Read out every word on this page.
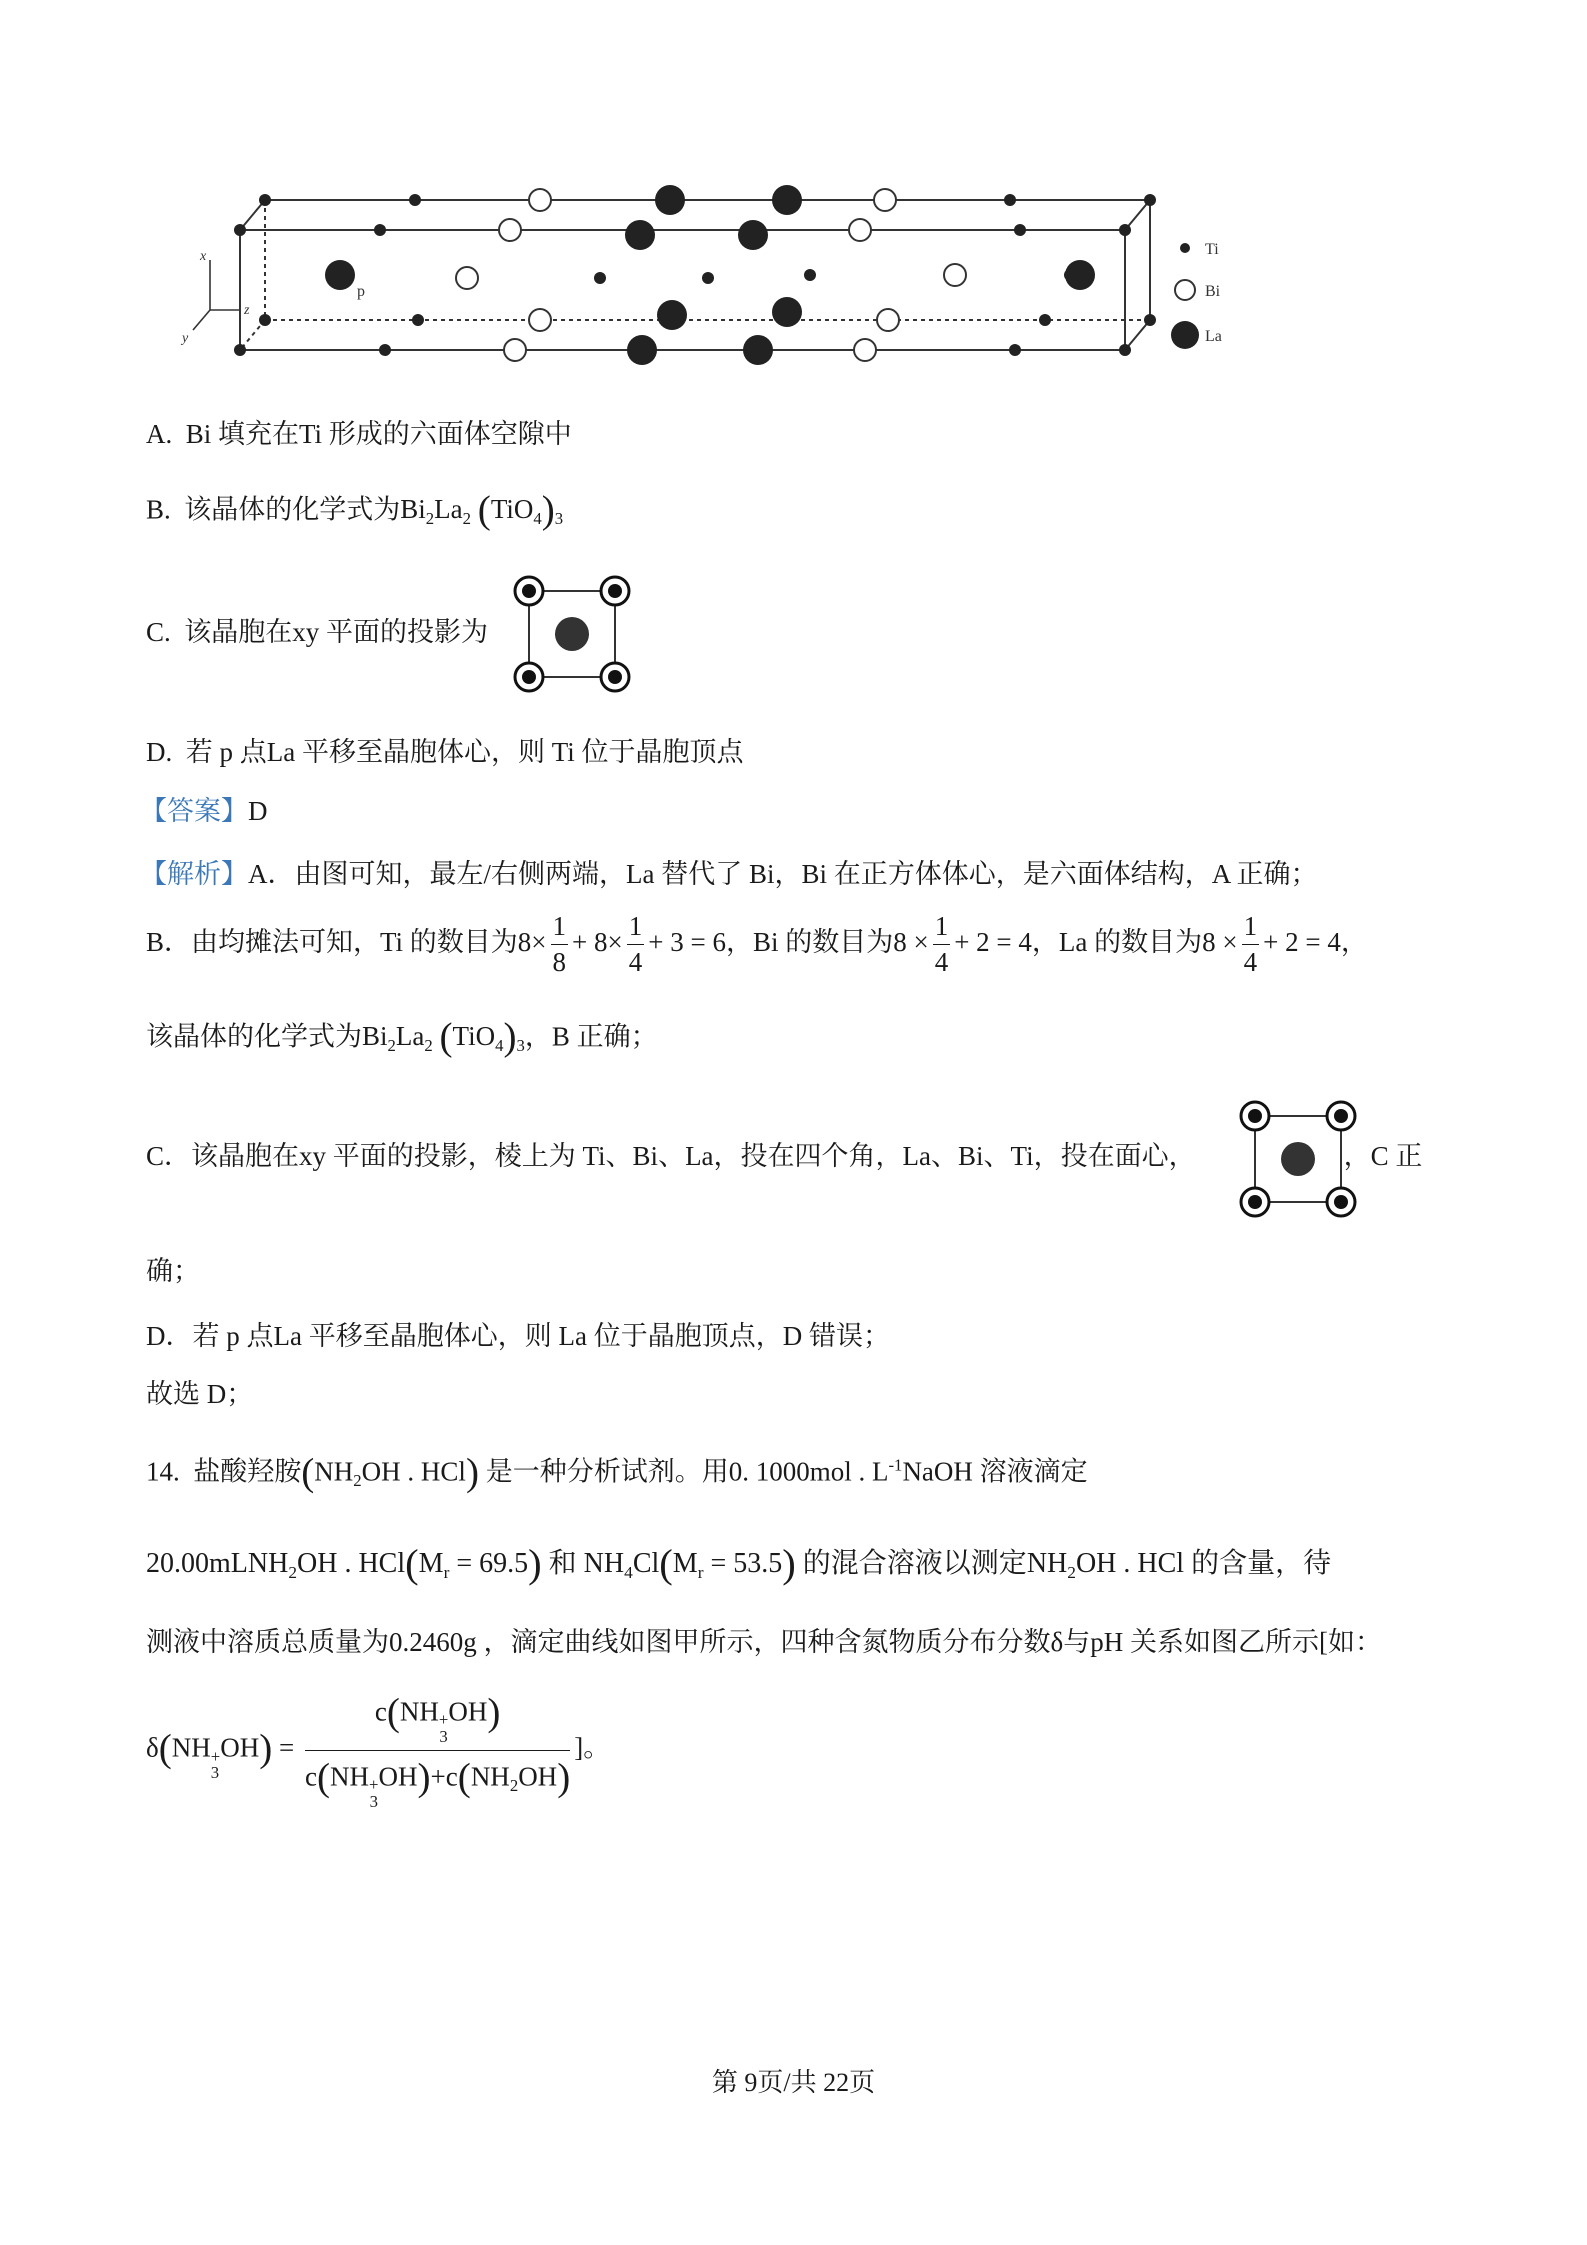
x
z
y
p
Ti
Bi
La
A. Bi 填充在Ti 形成的六面体空隙中
B. 该晶体的化学式为$Bi_2La_2$ $(TiO_4)_3$
C. 该晶胞在xy 平面的投影为
D. 若 p 点La 平移至晶胞体心，则 Ti 位于晶胞顶点
【答案】D
【解析】A．由图可知，最左/右侧两端，La 替代了 Bi，Bi 在正方体体心，是六面体结构，A 正确；
B．由均摊法可知，Ti 的数目为$8\times \frac{1}{8} + 8\times \frac{1}{4} + 3 = 6$，Bi 的数目为$8 \times \frac{1}{4} + 2 = 4$，La 的数目为$8 \times \frac{1}{4} + 2 = 4$，
该晶体的化学式为$Bi_2La_2$ $(TiO_4)_3$，B 正确；
C．该晶胞在xy 平面的投影，棱上为 Ti、Bi、La，投在四个角，La、Bi、Ti，投在面心，	，C 正
确；
D．若 p 点La 平移至晶胞体心，则 La 位于晶胞顶点，D 错误；
故选 D；
14. 盐酸羟胺($NH_2OH$ . HCl) 是一种分析试剂。用0. 1000mol . $L^{-1}NaOH$ 溶液滴定
20.00mLNH$_2$OH . $HCl(M_r = 69.5)$ 和 $NH_4Cl(M_r = 53.5)$ 的混合溶液以测定$NH_2OH$ . HCl 的含量，待
测液中溶质总质量为0.2460g ，滴定曲线如图甲所示，四种含氮物质分布分数δ与pH 关系如图乙所示[如：
δ(NH +
3
OH) = c(NH +
3
OH)
c(NH +
3
$OH)+c(NH_2OH)$ ]。
第 9页/共 22页
